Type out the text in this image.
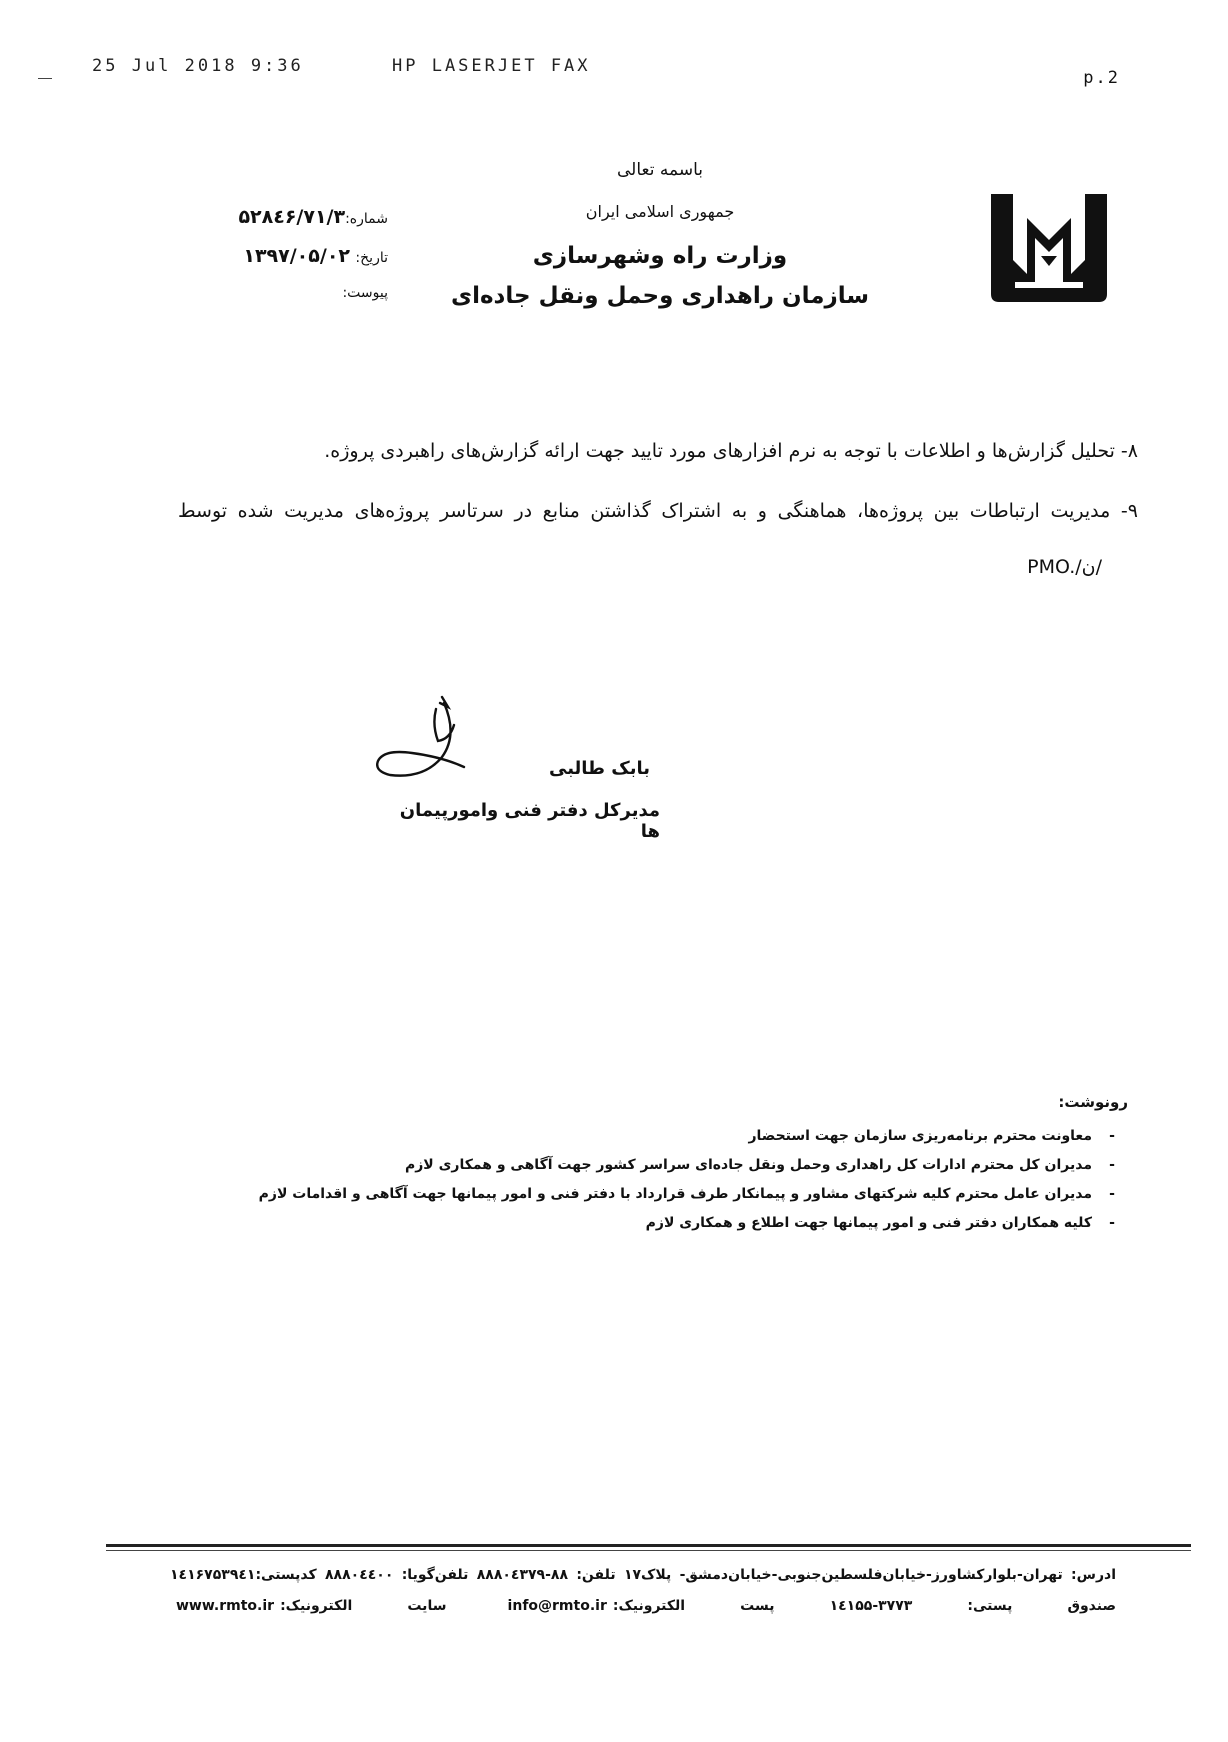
25 Jul 2018 9:36	HP LASERJET FAX
p.2
باسمه تعالی
جمهوری اسلامی ایران
وزارت راه وشهرسازی
سازمان راهداری وحمل ونقل جاده‌ای
شماره:۵۲۸٤۶/۷۱/۳
تاریخ: ۱۳۹۷/۰۵/۰۲
پیوست:
۸- تحلیل گزارش‌ها و اطلاعات با توجه به نرم افزارهای مورد تایید جهت ارائه گزارش‌های راهبردی پروژه.
۹- مدیریت ارتباطات بین پروژه‌ها، هماهنگی و به اشتراک گذاشتن منابع در سرتاسر پروژه‌های مدیریت شده توسط
PMO./ن/
بابک طالبی
مدیرکل دفتر فنی وامورپیمان ها
رونوشت:
-معاونت محترم برنامه‌ریزی سازمان جهت استحضار
-مدیران کل محترم ادارات کل راهداری وحمل ونقل جاده‌ای سراسر کشور جهت آگاهی و همکاری لازم
-مدیران عامل محترم کلیه شرکتهای مشاور و پیمانکار طرف قرارداد با دفتر فنی و امور پیمانها جهت آگاهی و اقدامات لازم
-کلیه همکاران دفتر فنی و امور پیمانها جهت اطلاع و همکاری لازم
ادرس: تهران-بلوارکشاورز-خیابان‌فلسطین‌جنوبی-خیابان‌دمشق- پلاک۱۷ تلفن: ۸۸-۸۸۸۰٤۳۷۹ تلفن‌گویا: ۸۸۸۰٤٤۰۰ کدپستی:۱٤۱۶۷۵۳۹٤۱
صندوق پستی: ۳۷۷۳-۱٤۱۵۵ پست الکترونیک:info@rmto.ir سایت الکترونیک:www.rmto.ir
